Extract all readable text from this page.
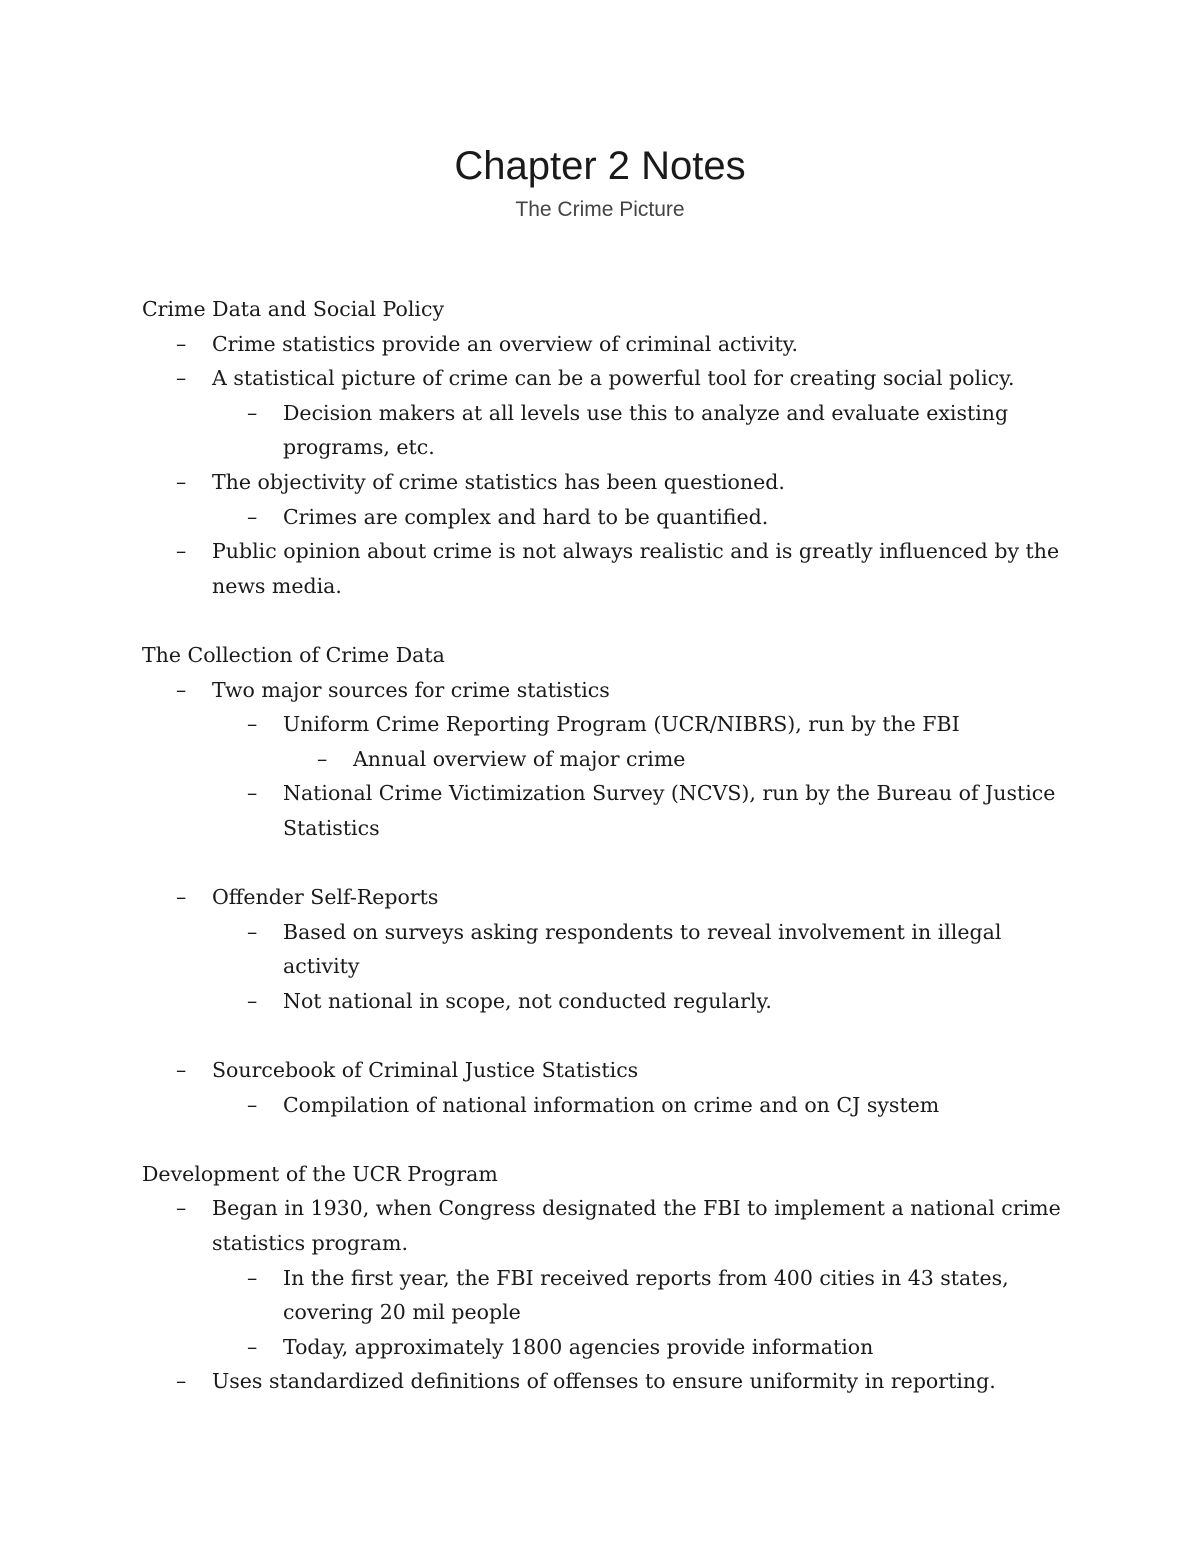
Chapter 2 Notes
The Crime Picture
Crime Data and Social Policy
– Crime statistics provide an overview of criminal activity.
– A statistical picture of crime can be a powerful tool for creating social policy.
– Decision makers at all levels use this to analyze and evaluate existing programs, etc.
– The objectivity of crime statistics has been questioned.
– Crimes are complex and hard to be quantified.
– Public opinion about crime is not always realistic and is greatly influenced by the news media.
The Collection of Crime Data
– Two major sources for crime statistics
– Uniform Crime Reporting Program (UCR/NIBRS), run by the FBI
– Annual overview of major crime
– National Crime Victimization Survey (NCVS), run by the Bureau of Justice Statistics
– Offender Self-Reports
– Based on surveys asking respondents to reveal involvement in illegal activity
– Not national in scope, not conducted regularly.
– Sourcebook of Criminal Justice Statistics
– Compilation of national information on crime and on CJ system
Development of the UCR Program
– Began in 1930, when Congress designated the FBI to implement a national crime statistics program.
– In the first year, the FBI received reports from 400 cities in 43 states, covering 20 mil people
– Today, approximately 1800 agencies provide information
– Uses standardized definitions of offenses to ensure uniformity in reporting.
